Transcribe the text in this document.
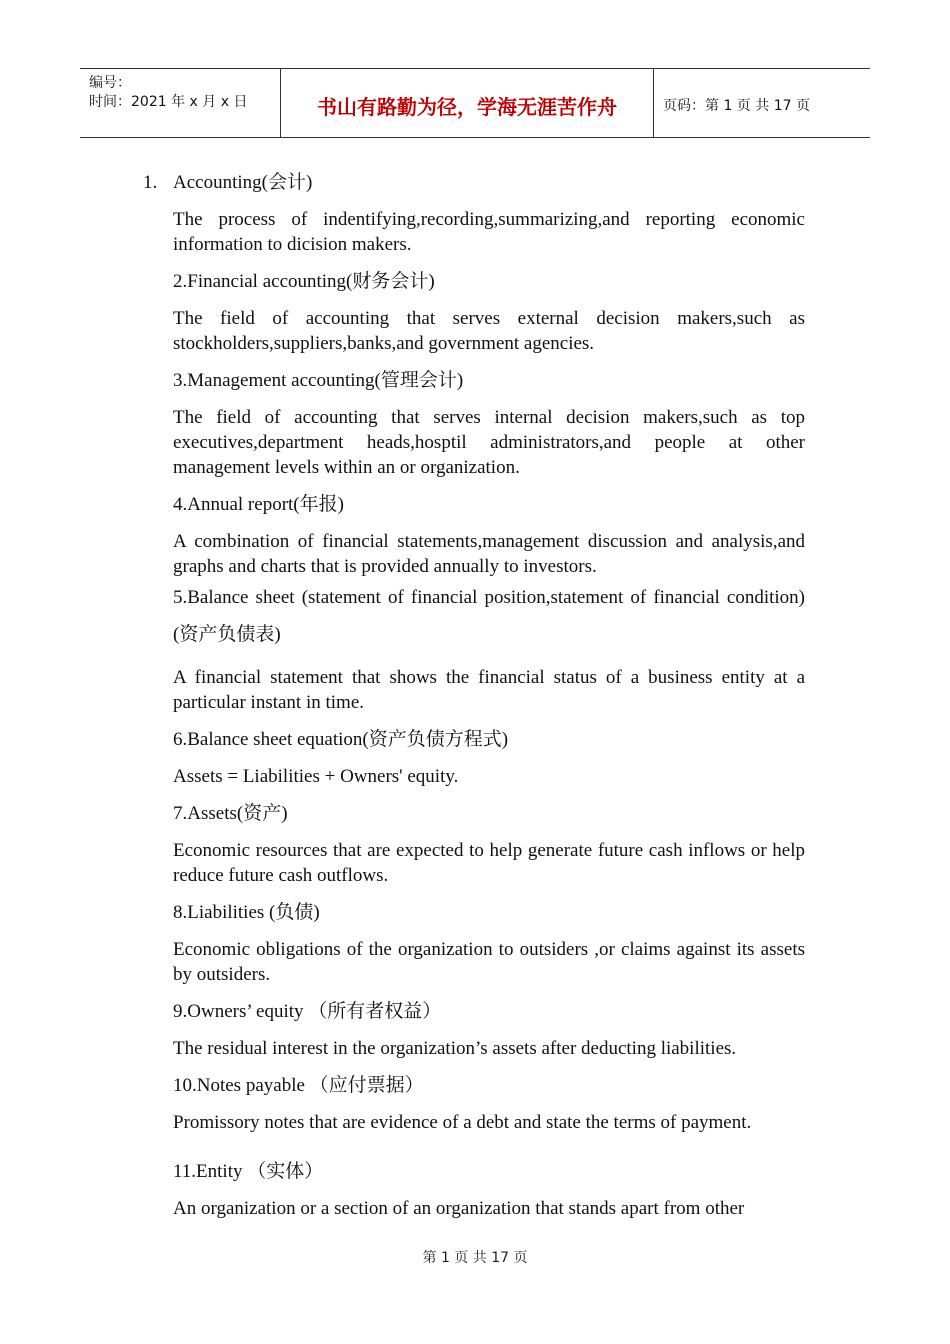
编号：
时间：2021 年 x 月 x 日	书山有路勤为径，学海无涯苦作舟	页码：第 1 页 共 17 页

1. Accounting(会计)

The process of indentifying,recording,summarizing,and reporting economic information to dicision makers.

2.Financial accounting(财务会计)

The field of accounting that serves external decision makers,such as stockholders,suppliers,banks,and government agencies.

3.Management accounting(管理会计)

The field of accounting that serves internal decision makers,such as top executives,department heads,hosptil administrators,and people at other management levels within an or organization.

4.Annual report(年报)

A combination of financial statements,management discussion and analysis,and graphs and charts that is provided annually to investors.

5.Balance sheet (statement of financial position,statement of financial condition)(资产负债表)

A financial statement that shows the financial status of a business entity at a particular instant in time.

6.Balance sheet equation(资产负债方程式)

Assets = Liabilities + Owners' equity.

7.Assets(资产)

Economic resources that are expected to help generate future cash inflows or help reduce future cash outflows.

8.Liabilities (负债)

Economic obligations of the organization to outsiders ,or claims against its assets by outsiders.

9.Owners’ equity （所有者权益）

The residual interest in the organization’s assets after deducting liabilities.

10.Notes payable （应付票据）

Promissory notes that are evidence of a debt and state the terms of payment.

11.Entity （实体）

An organization or a section of an organization that stands apart from other

第 1 页 共 17 页
